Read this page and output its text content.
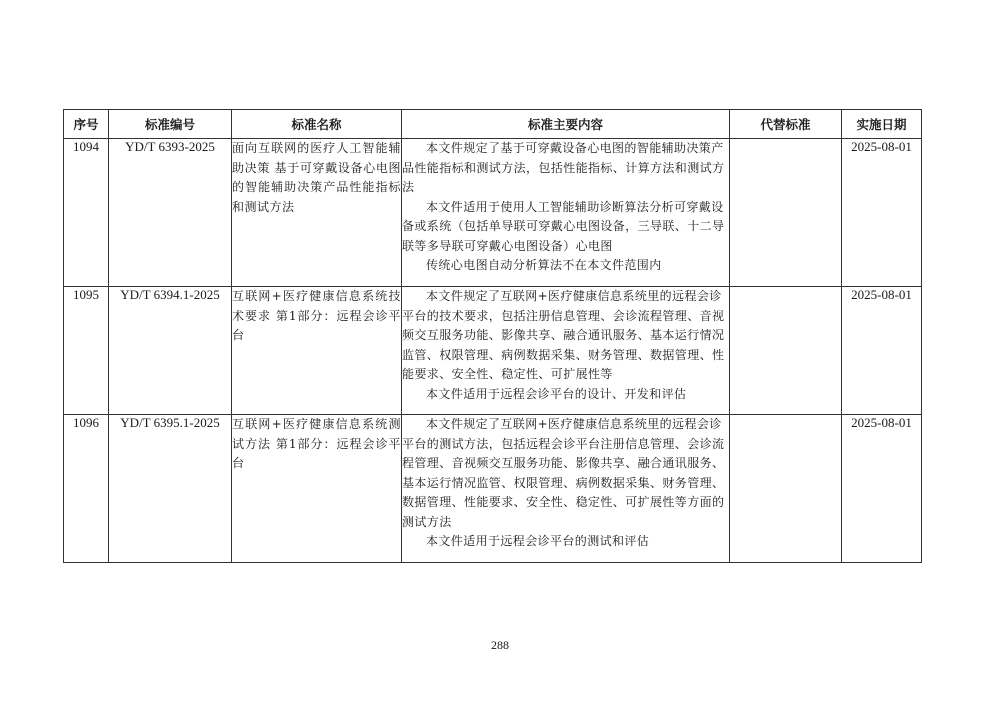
序号	标准编号	标准名称	标准主要内容	代替标准	实施日期
1094	YD/T 6393-2025	面向互联网的医疗人工智能辅助决策 基于可穿戴设备心电图的智能辅助决策产品性能指标和测试方法	本文件规定了基于可穿戴设备心电图的智能辅助决策产品性能指标和测试方法，包括性能指标、计算方法和测试方法

本文件适用于使用人工智能辅助诊断算法分析可穿戴设备或系统（包括单导联可穿戴心电图设备，三导联、十二导联等多导联可穿戴心电图设备）心电图

传统心电图自动分析算法不在本文件范围内		2025-08-01
1095	YD/T 6394.1-2025	互联网+医疗健康信息系统技术要求 第1部分：远程会诊平台	本文件规定了互联网+医疗健康信息系统里的远程会诊平台的技术要求，包括注册信息管理、会诊流程管理、音视频交互服务功能、影像共享、融合通讯服务、基本运行情况监管、权限管理、病例数据采集、财务管理、数据管理、性能要求、安全性、稳定性、可扩展性等

本文件适用于远程会诊平台的设计、开发和评估		2025-08-01
1096	YD/T 6395.1-2025	互联网+医疗健康信息系统测试方法 第1部分：远程会诊平台	本文件规定了互联网+医疗健康信息系统里的远程会诊平台的测试方法，包括远程会诊平台注册信息管理、会诊流程管理、音视频交互服务功能、影像共享、融合通讯服务、基本运行情况监管、权限管理、病例数据采集、财务管理、数据管理、性能要求、安全性、稳定性、可扩展性等方面的测试方法

本文件适用于远程会诊平台的测试和评估		2025-08-01
288
